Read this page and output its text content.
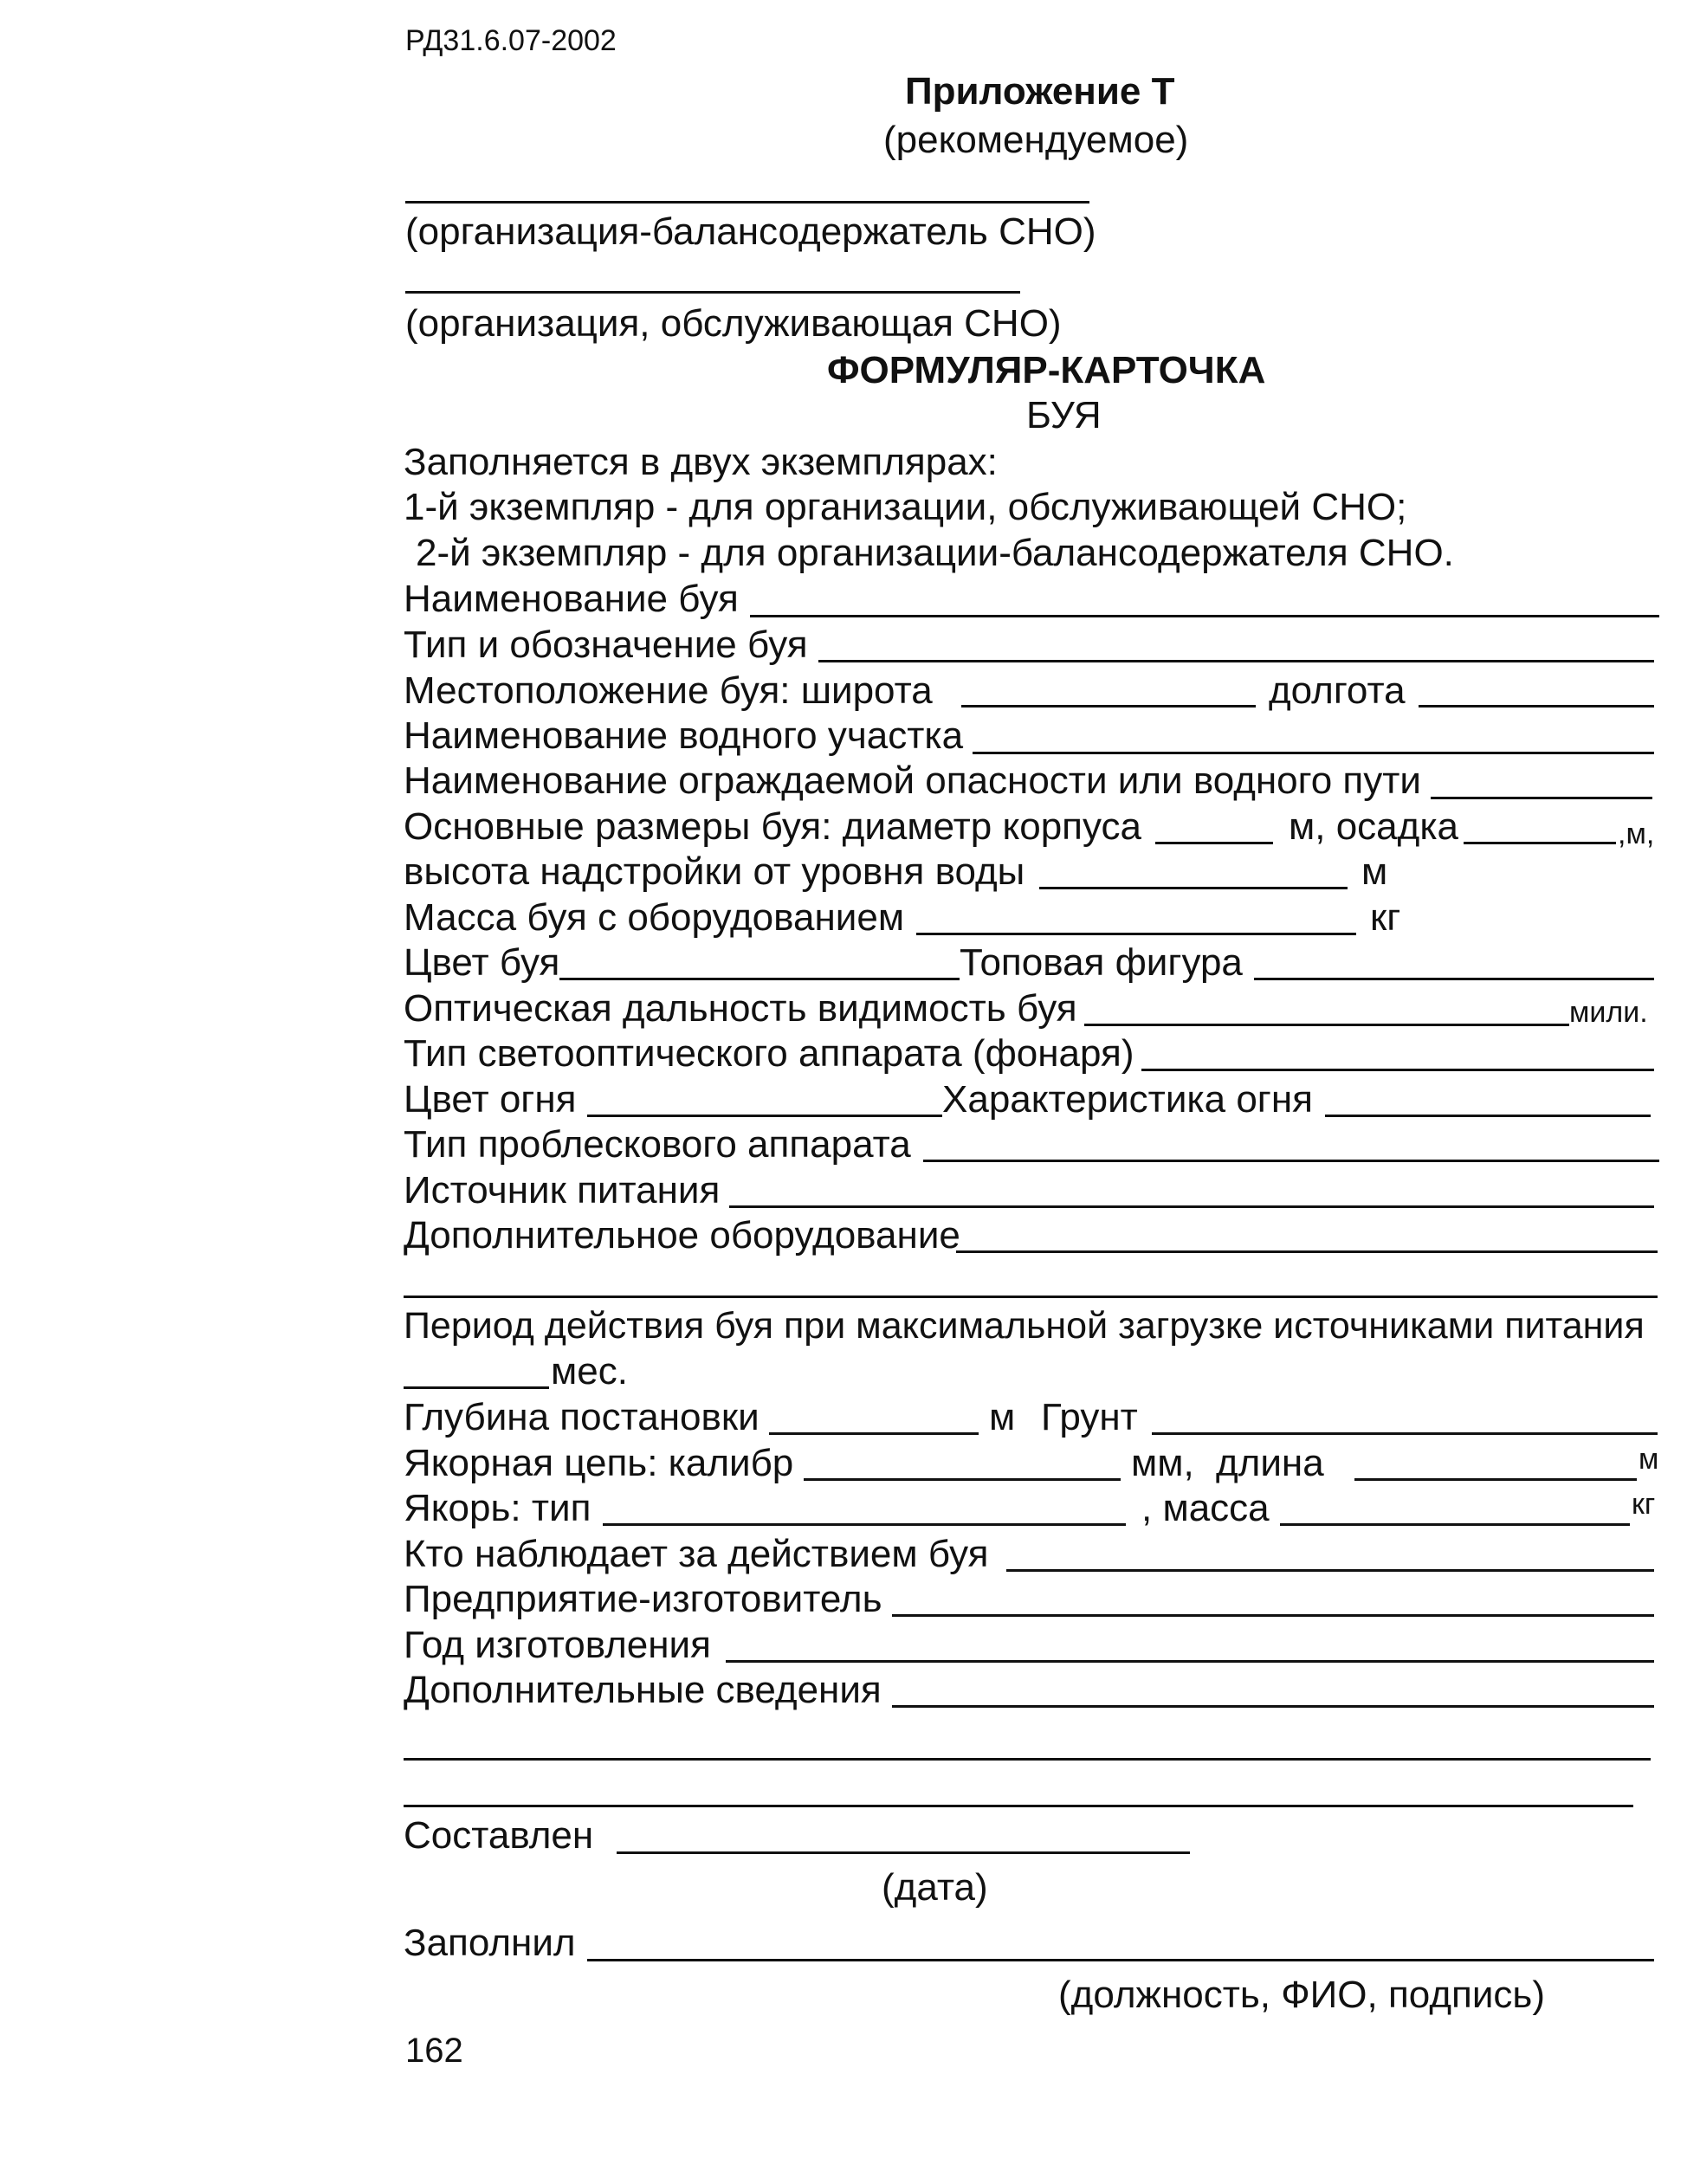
РД31.6.07-2002
Приложение Т
(рекомендуемое)
(организация-балансодержатель СНО)
(организация, обслуживающая СНО)
ФОРМУЛЯР-КАРТОЧКА
БУЯ
Заполняется в двух экземплярах:
1-й экземпляр - для организации, обслуживающей СНО;
2-й экземпляр - для организации-балансодержателя СНО.
Наименование буя
Тип и обозначение буя
Местоположение буя: широта	долгота
Наименование водного участка
Наименование ограждаемой опасности или водного пути
Основные размеры буя: диаметр корпуса	м, осадка	,м,
высота надстройки от уровня воды	м
Масса буя с оборудованием	кг
Цвет буя	Топовая фигура
Оптическая дальность видимость буя	мили.
Тип светооптического аппарата (фонаря)
Цвет огня	Характеристика огня
Тип проблескового аппарата
Источник питания
Дополнительное оборудование
Период действия буя при максимальной загрузке источниками питания
мес.
Глубина постановки	м Грунт
Якорная цепь: калибр	мм, длина	м
Якорь: тип	, масса	кг
Кто наблюдает за действием буя
Предприятие-изготовитель
Год изготовления
Дополнительные сведения
Составлен
(дата)
Заполнил
(должность, ФИО, подпись)
162
